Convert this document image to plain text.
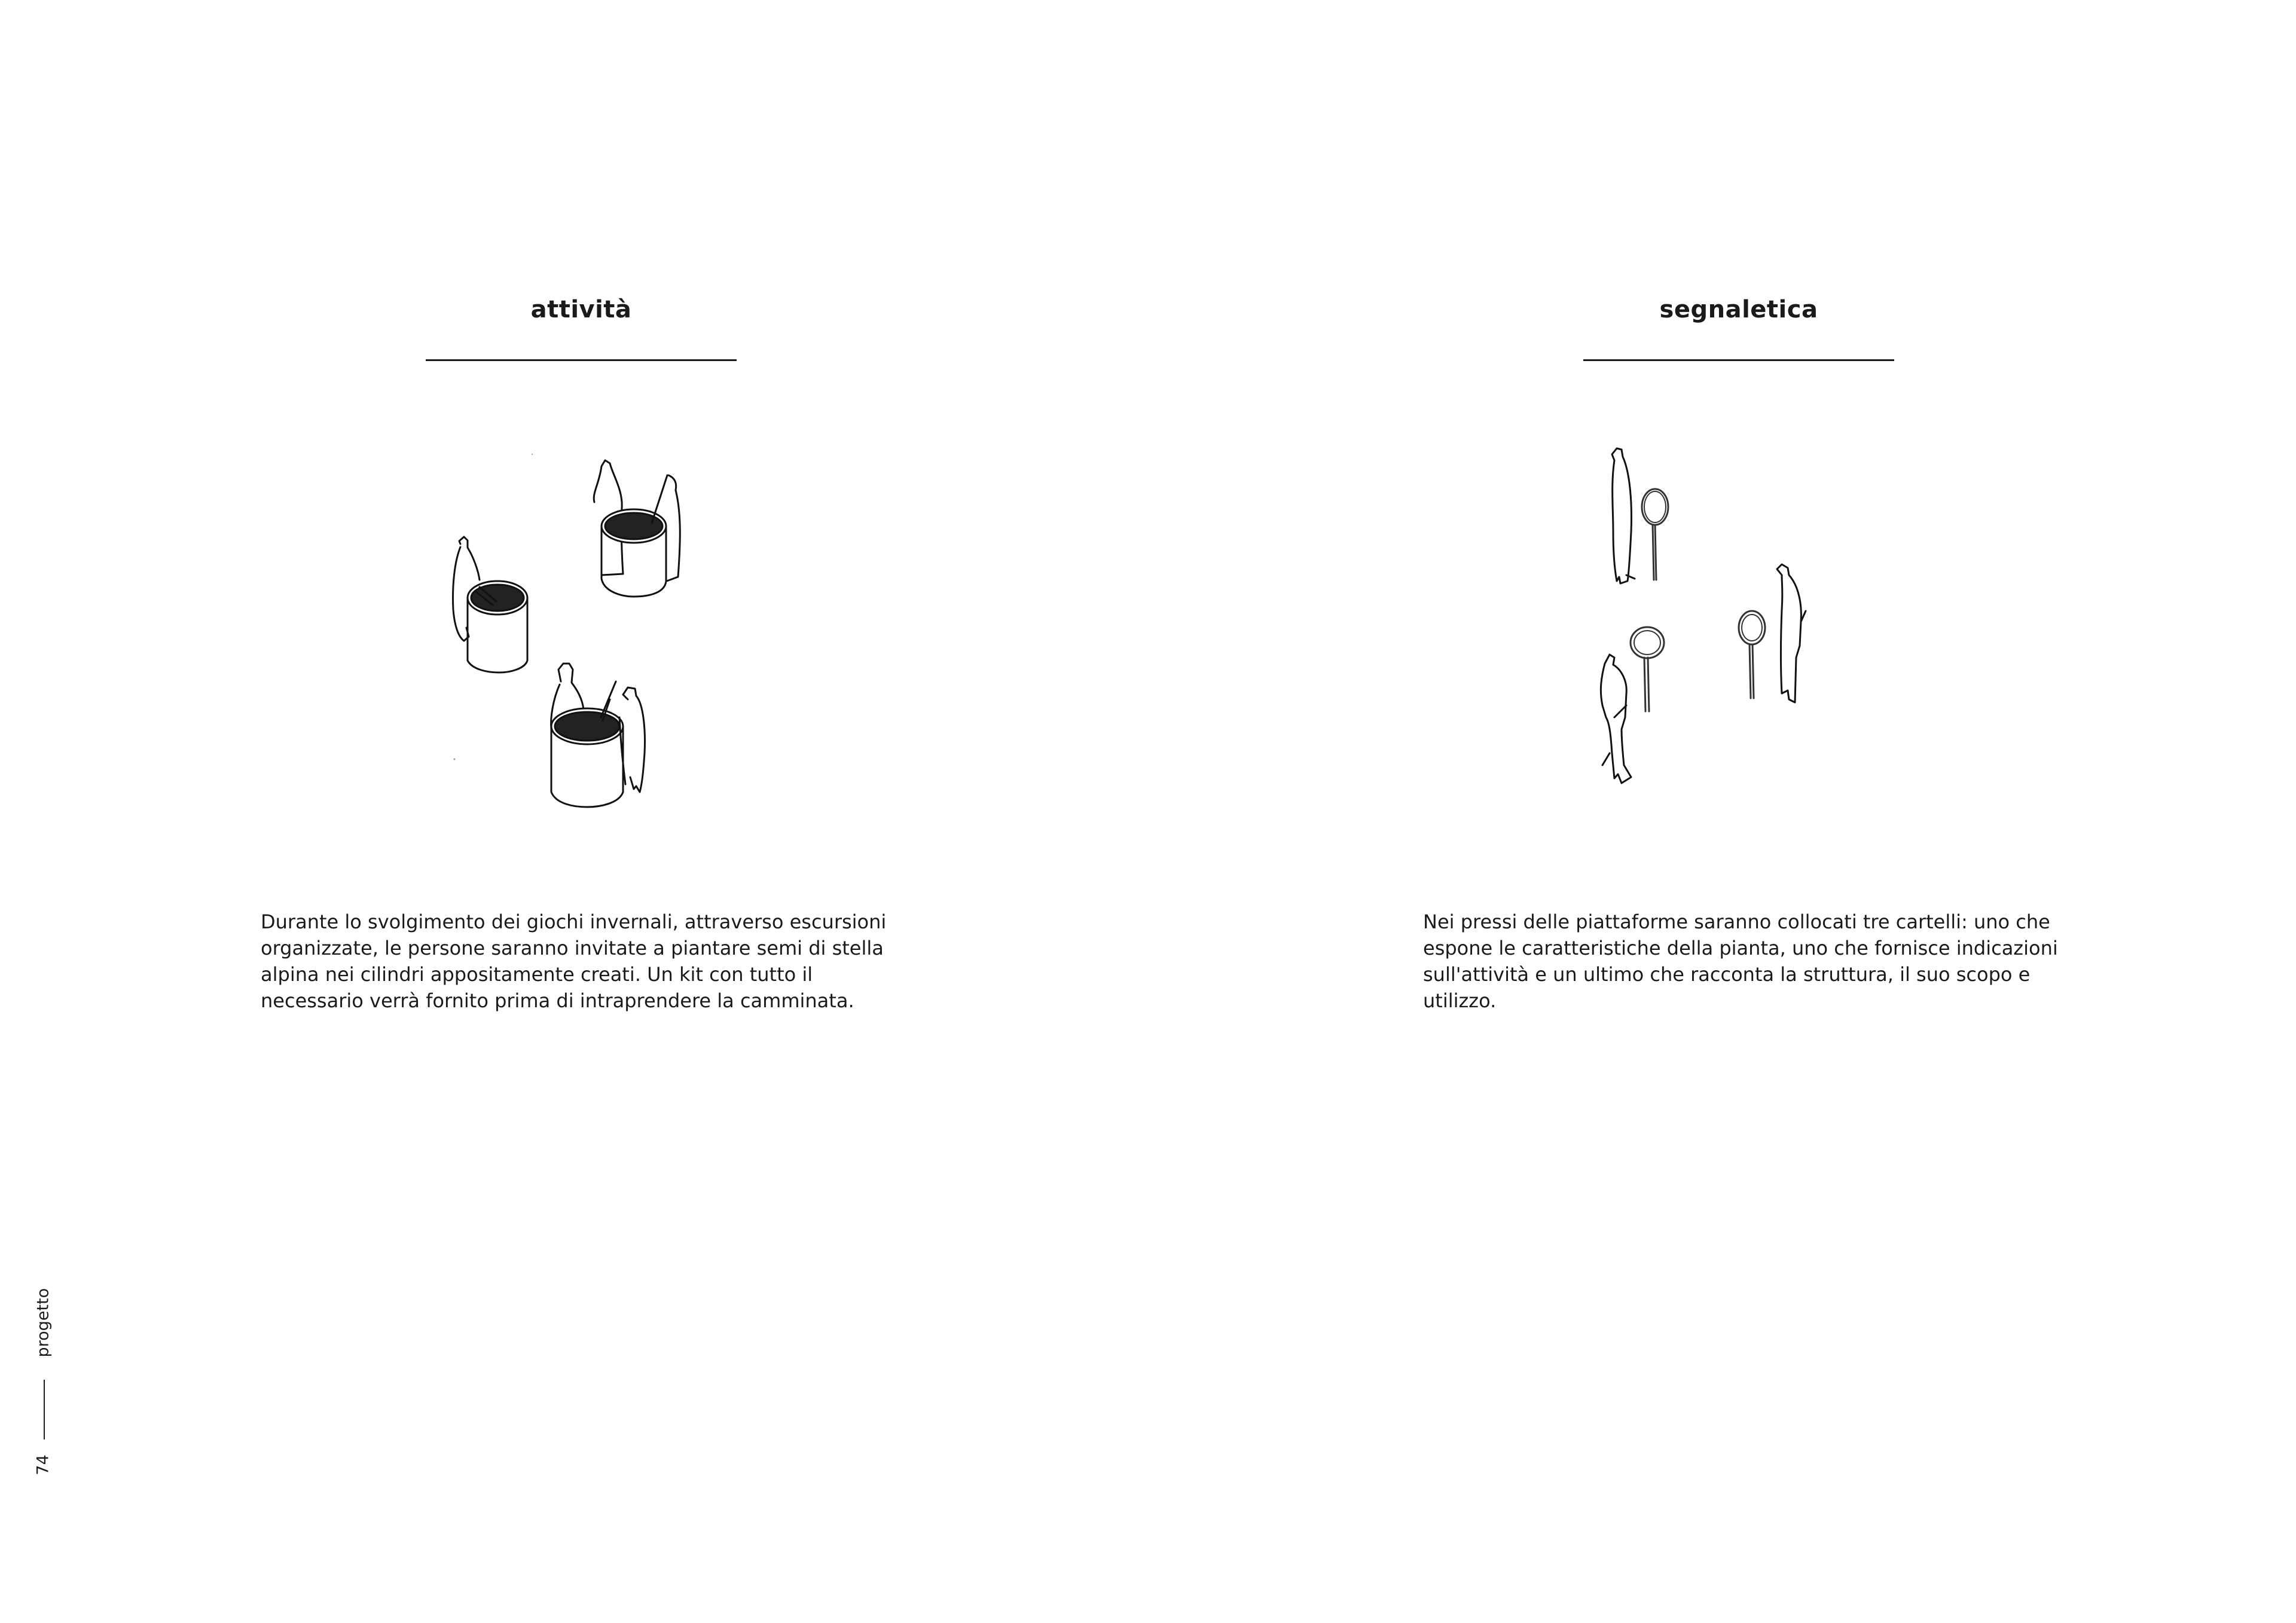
attività
Durante lo svolgimento dei giochi invernali, attraverso escursioni organizzate, le persone saranno invitate a piantare semi di stella alpina nei cilindri appositamente creati. Un kit con tutto il necessario verrà fornito prima di intraprendere la camminata.
segnaletica
Nei pressi delle piattaforme saranno collocati tre cartelli: uno che espone le caratteristiche della pianta, uno che fornisce indicazioni sull'attività e un ultimo che racconta la struttura, il suo scopo e utilizzo.
progetto
74
